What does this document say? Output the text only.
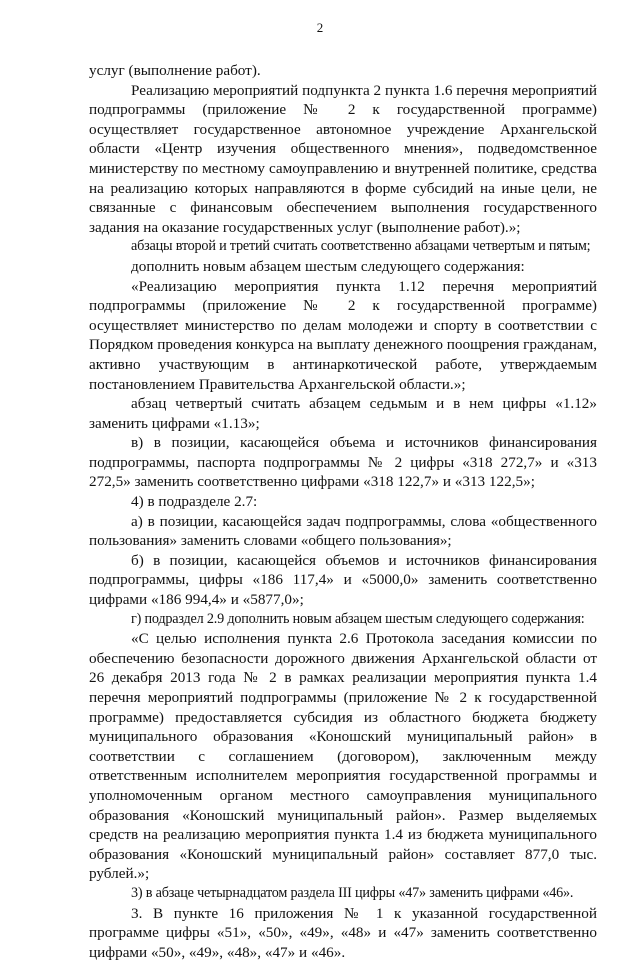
2

услуг (выполнение работ).

Реализацию мероприятий подпункта 2 пункта 1.6 перечня мероприятий подпрограммы (приложение № 2 к государственной программе) осуществляет государственное автономное учреждение Архангельской области «Центр изучения общественного мнения», подведомственное министерству по местному самоуправлению и внутренней политике, средства на реализацию которых направляются в форме субсидий на иные цели, не связанные с финансовым обеспечением выполнения государственного задания на оказание государственных услуг (выполнение работ).»;

абзацы второй и третий считать соответственно абзацами четвертым и пятым;

дополнить новым абзацем шестым следующего содержания:

«Реализацию мероприятия пункта 1.12 перечня мероприятий подпрограммы (приложение № 2 к государственной программе) осуществляет министерство по делам молодежи и спорту в соответствии с Порядком проведения конкурса на выплату денежного поощрения гражданам, активно участвующим в антинаркотической работе, утверждаемым постановлением Правительства Архангельской области.»;

абзац четвертый считать абзацем седьмым и в нем цифры «1.12» заменить цифрами «1.13»;

в) в позиции, касающейся объема и источников финансирования подпрограммы, паспорта подпрограммы № 2 цифры «318 272,7» и «313 272,5» заменить соответственно цифрами «318 122,7» и «313 122,5»;

4) в подразделе 2.7:

а) в позиции, касающейся задач подпрограммы, слова «общественного пользования» заменить словами «общего пользования»;

б) в позиции, касающейся объемов и источников финансирования подпрограммы, цифры «186 117,4» и «5000,0» заменить соответственно цифрами «186 994,4» и «5877,0»;

г) подраздел 2.9 дополнить новым абзацем шестым следующего содержания:

«С целью исполнения пункта 2.6 Протокола заседания комиссии по обеспечению безопасности дорожного движения Архангельской области от 26 декабря 2013 года № 2 в рамках реализации мероприятия пункта 1.4 перечня мероприятий подпрограммы (приложение № 2 к государственной программе) предоставляется субсидия из областного бюджета бюджету муниципального образования «Коношский муниципальный район» в соответствии с соглашением (договором), заключенным между ответственным исполнителем мероприятия государственной программы и уполномоченным органом местного самоуправления муниципального образования «Коношский муниципальный район». Размер выделяемых средств на реализацию мероприятия пункта 1.4 из бюджета муниципального образования «Коношский муниципальный район» составляет 877,0 тыс. рублей.»;

3) в абзаце четырнадцатом раздела III цифры «47» заменить цифрами «46».

3. В пункте 16 приложения № 1 к указанной государственной программе цифры «51», «50», «49», «48» и «47» заменить соответственно цифрами «50», «49», «48», «47» и «46».
